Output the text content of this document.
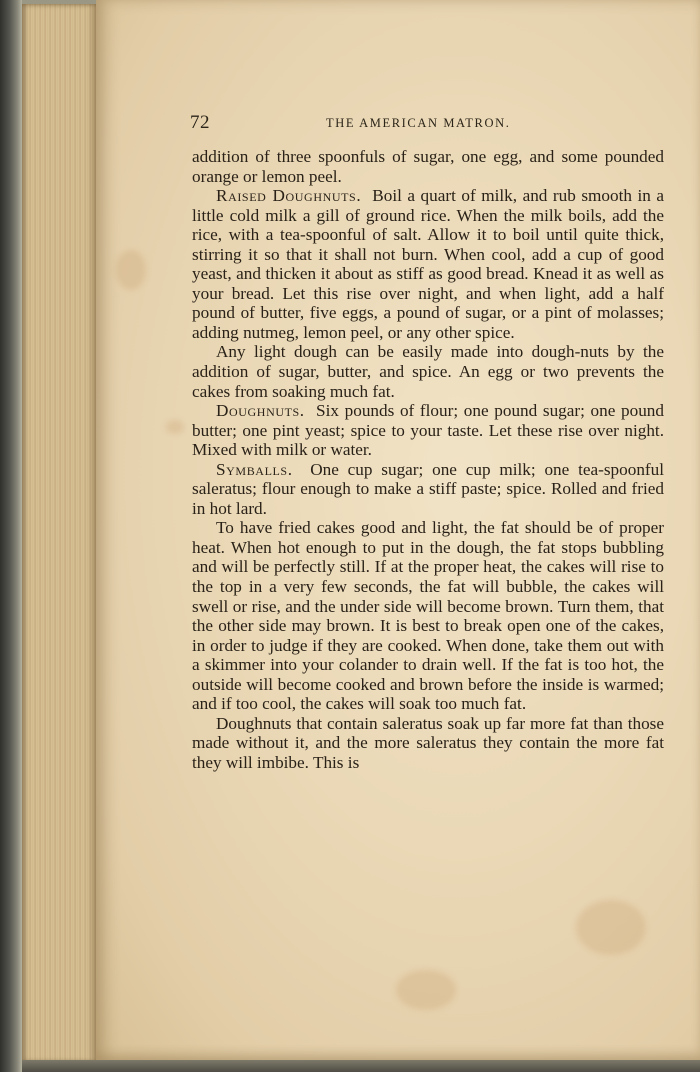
72	THE AMERICAN MATRON.

addition of three spoonfuls of sugar, one egg, and some pounded orange or lemon peel.

Raised Doughnuts. Boil a quart of milk, and rub smooth in a little cold milk a gill of ground rice. When the milk boils, add the rice, with a tea-spoonful of salt. Allow it to boil until quite thick, stirring it so that it shall not burn. When cool, add a cup of good yeast, and thicken it about as stiff as good bread. Knead it as well as your bread. Let this rise over night, and when light, add a half pound of butter, five eggs, a pound of sugar, or a pint of molasses; adding nutmeg, lemon peel, or any other spice.

Any light dough can be easily made into dough-nuts by the addition of sugar, butter, and spice. An egg or two prevents the cakes from soaking much fat.

Doughnuts. Six pounds of flour; one pound sugar; one pound butter; one pint yeast; spice to your taste. Let these rise over night. Mixed with milk or water.

Symballs. One cup sugar; one cup milk; one tea-spoonful saleratus; flour enough to make a stiff paste; spice. Rolled and fried in hot lard.

To have fried cakes good and light, the fat should be of proper heat. When hot enough to put in the dough, the fat stops bubbling and will be perfectly still. If at the proper heat, the cakes will rise to the top in a very few seconds, the fat will bubble, the cakes will swell or rise, and the under side will become brown. Turn them, that the other side may brown. It is best to break open one of the cakes, in order to judge if they are cooked. When done, take them out with a skimmer into your colander to drain well. If the fat is too hot, the outside will become cooked and brown before the inside is warmed; and if too cool, the cakes will soak too much fat.

Doughnuts that contain saleratus soak up far more fat than those made without it, and the more saleratus they contain the more fat they will imbibe. This is
